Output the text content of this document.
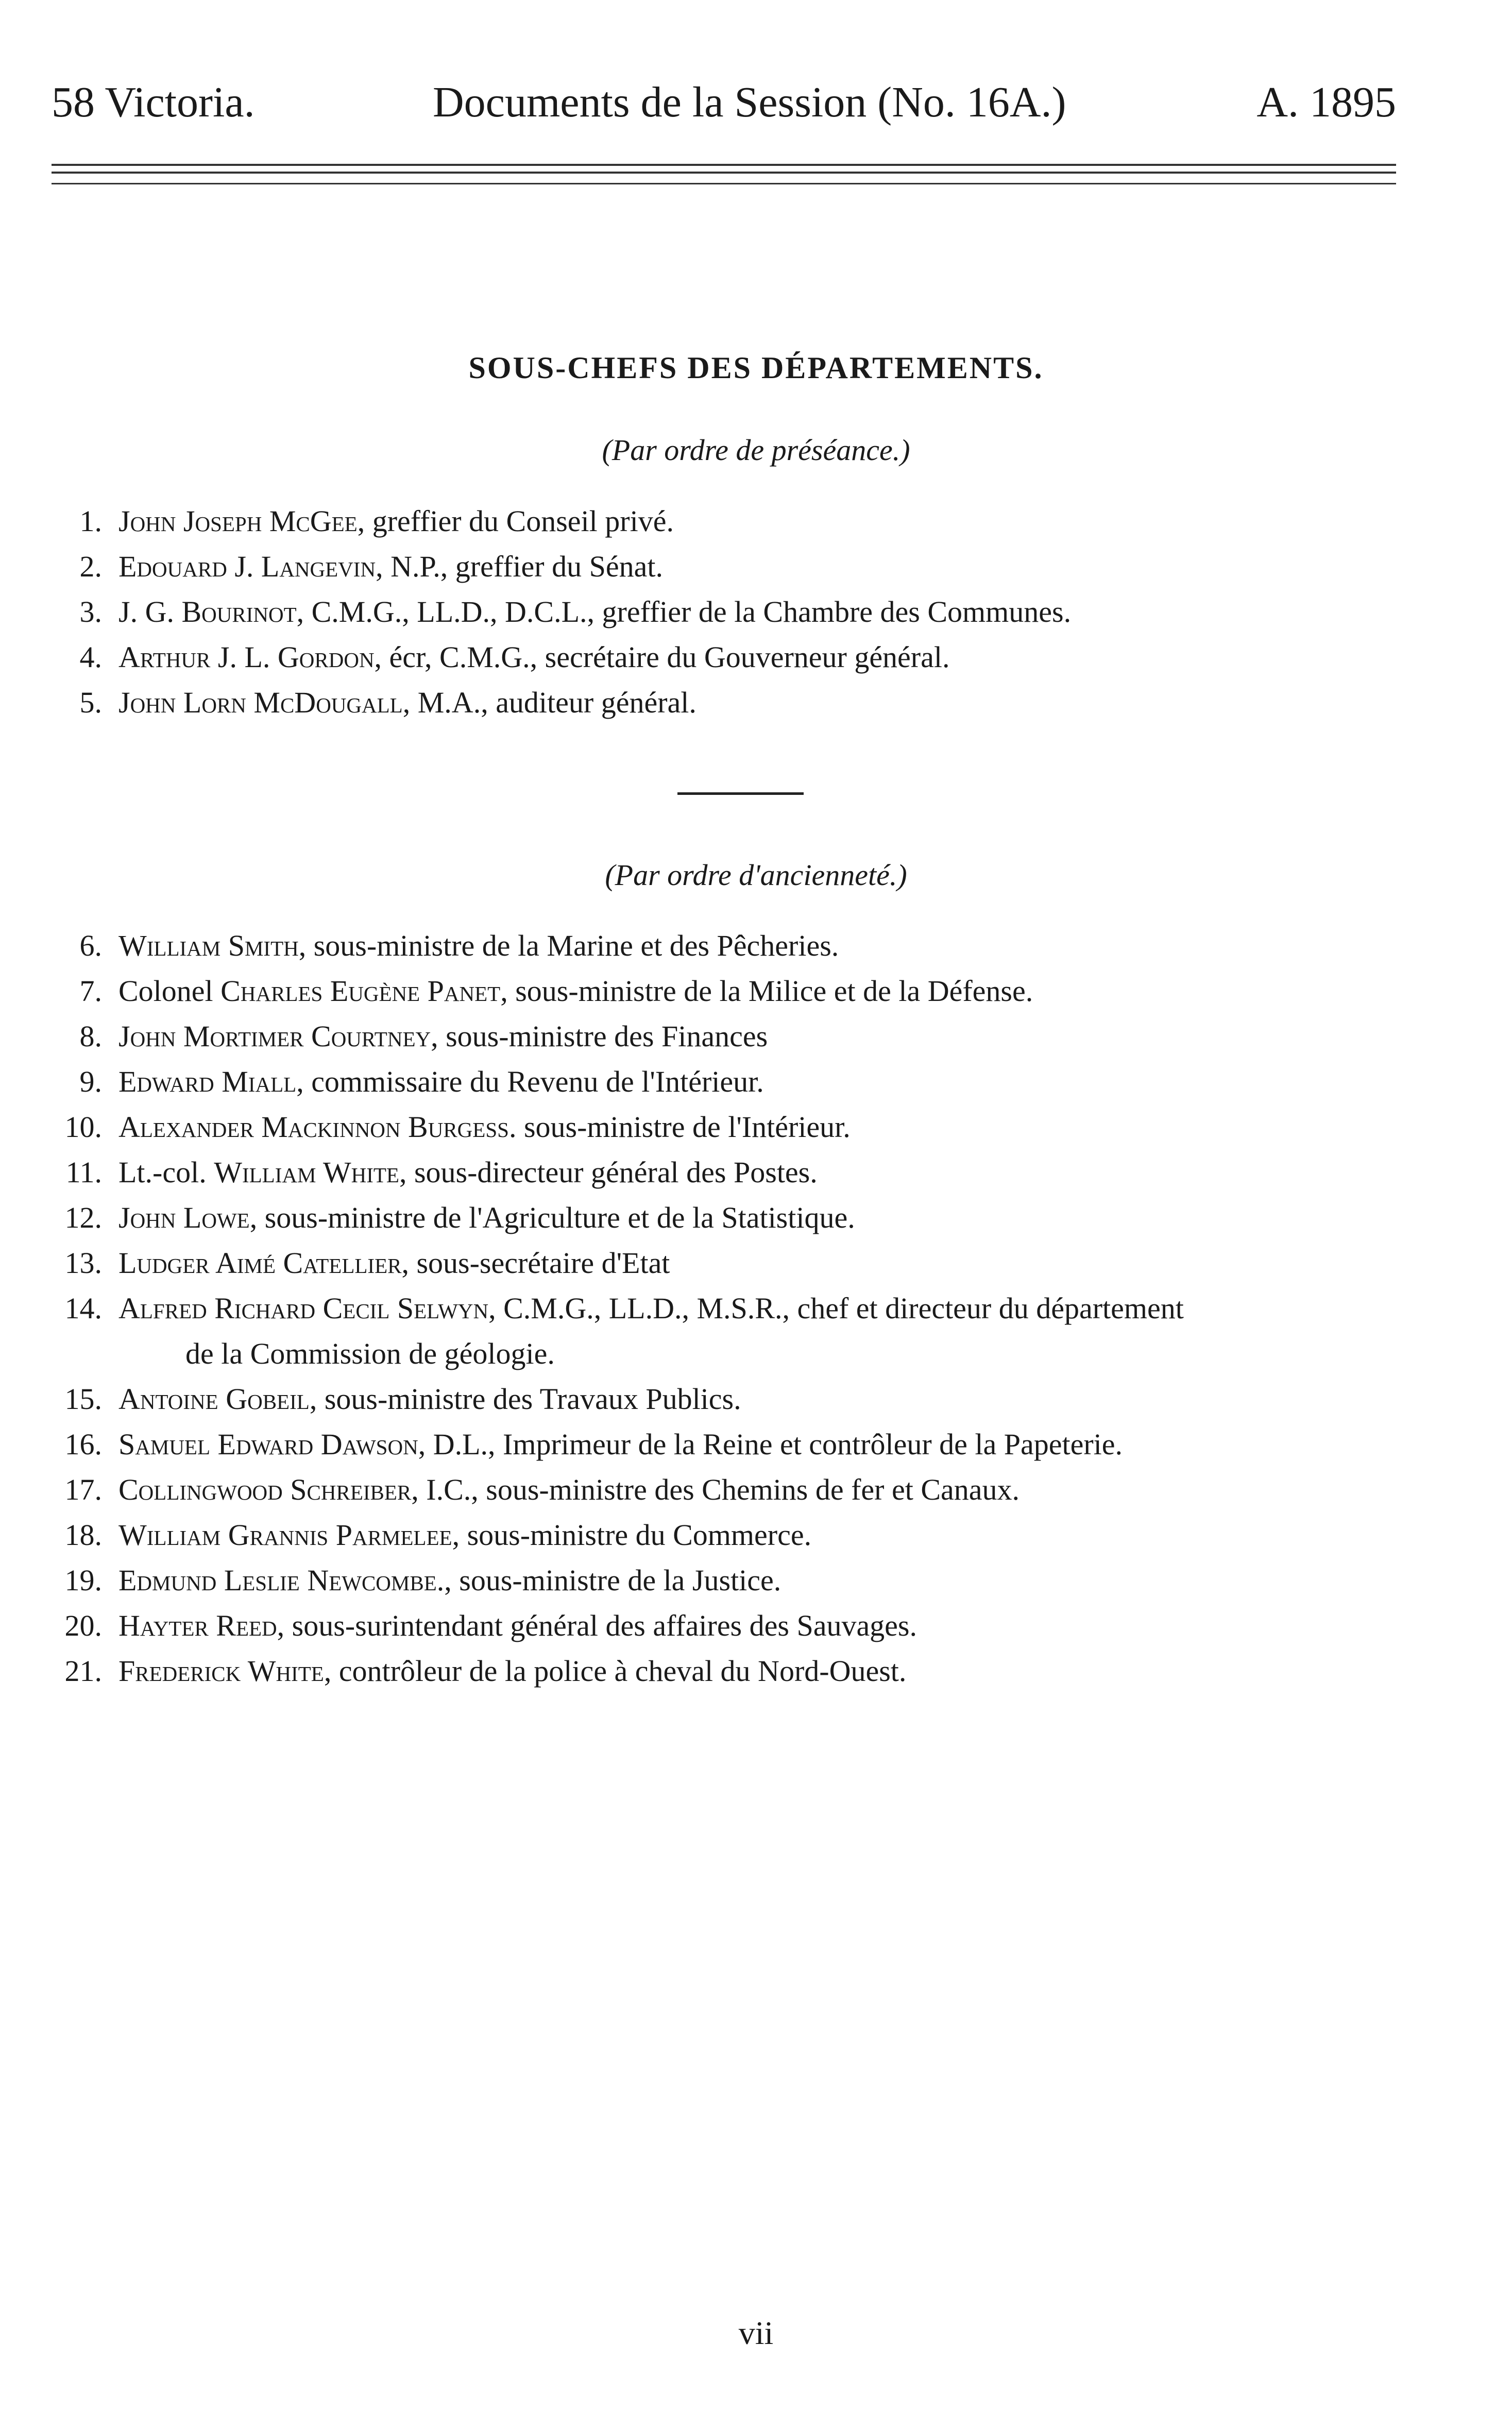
58 Victoria.	Documents de la Session (No. 16A.)	A. 1895
SOUS-CHEFS DES DÉPARTEMENTS.
(Par ordre de préséance.)
1. John Joseph McGee, greffier du Conseil privé.
2. Edouard J. Langevin, N.P., greffier du Sénat.
3. J. G. Bourinot, C.M.G., LL.D., D.C.L., greffier de la Chambre des Communes.
4. Arthur J. L. Gordon, écr, C.M.G., secrétaire du Gouverneur général.
5. John Lorn McDougall, M.A., auditeur général.
(Par ordre d'ancienneté.)
6. William Smith, sous-ministre de la Marine et des Pêcheries.
7. Colonel Charles Eugène Panet, sous-ministre de la Milice et de la Défense.
8. John Mortimer Courtney, sous-ministre des Finances
9. Edward Miall, commissaire du Revenu de l'Intérieur.
10. Alexander Mackinnon Burgess. sous-ministre de l'Intérieur.
11. Lt.-col. William White, sous-directeur général des Postes.
12. John Lowe, sous-ministre de l'Agriculture et de la Statistique.
13. Ludger Aimé Catellier, sous-secrétaire d'Etat
14. Alfred Richard Cecil Selwyn, C.M.G., LL.D., M.S.R., chef et directeur du département
de la Commission de géologie.
15. Antoine Gobeil, sous-ministre des Travaux Publics.
16. Samuel Edward Dawson, D.L., Imprimeur de la Reine et contrôleur de la Papeterie.
17. Collingwood Schreiber, I.C., sous-ministre des Chemins de fer et Canaux.
18. William Grannis Parmelee, sous-ministre du Commerce.
19. Edmund Leslie Newcombe., sous-ministre de la Justice.
20. Hayter Reed, sous-surintendant général des affaires des Sauvages.
21. Frederick White, contrôleur de la police à cheval du Nord-Ouest.
vii
